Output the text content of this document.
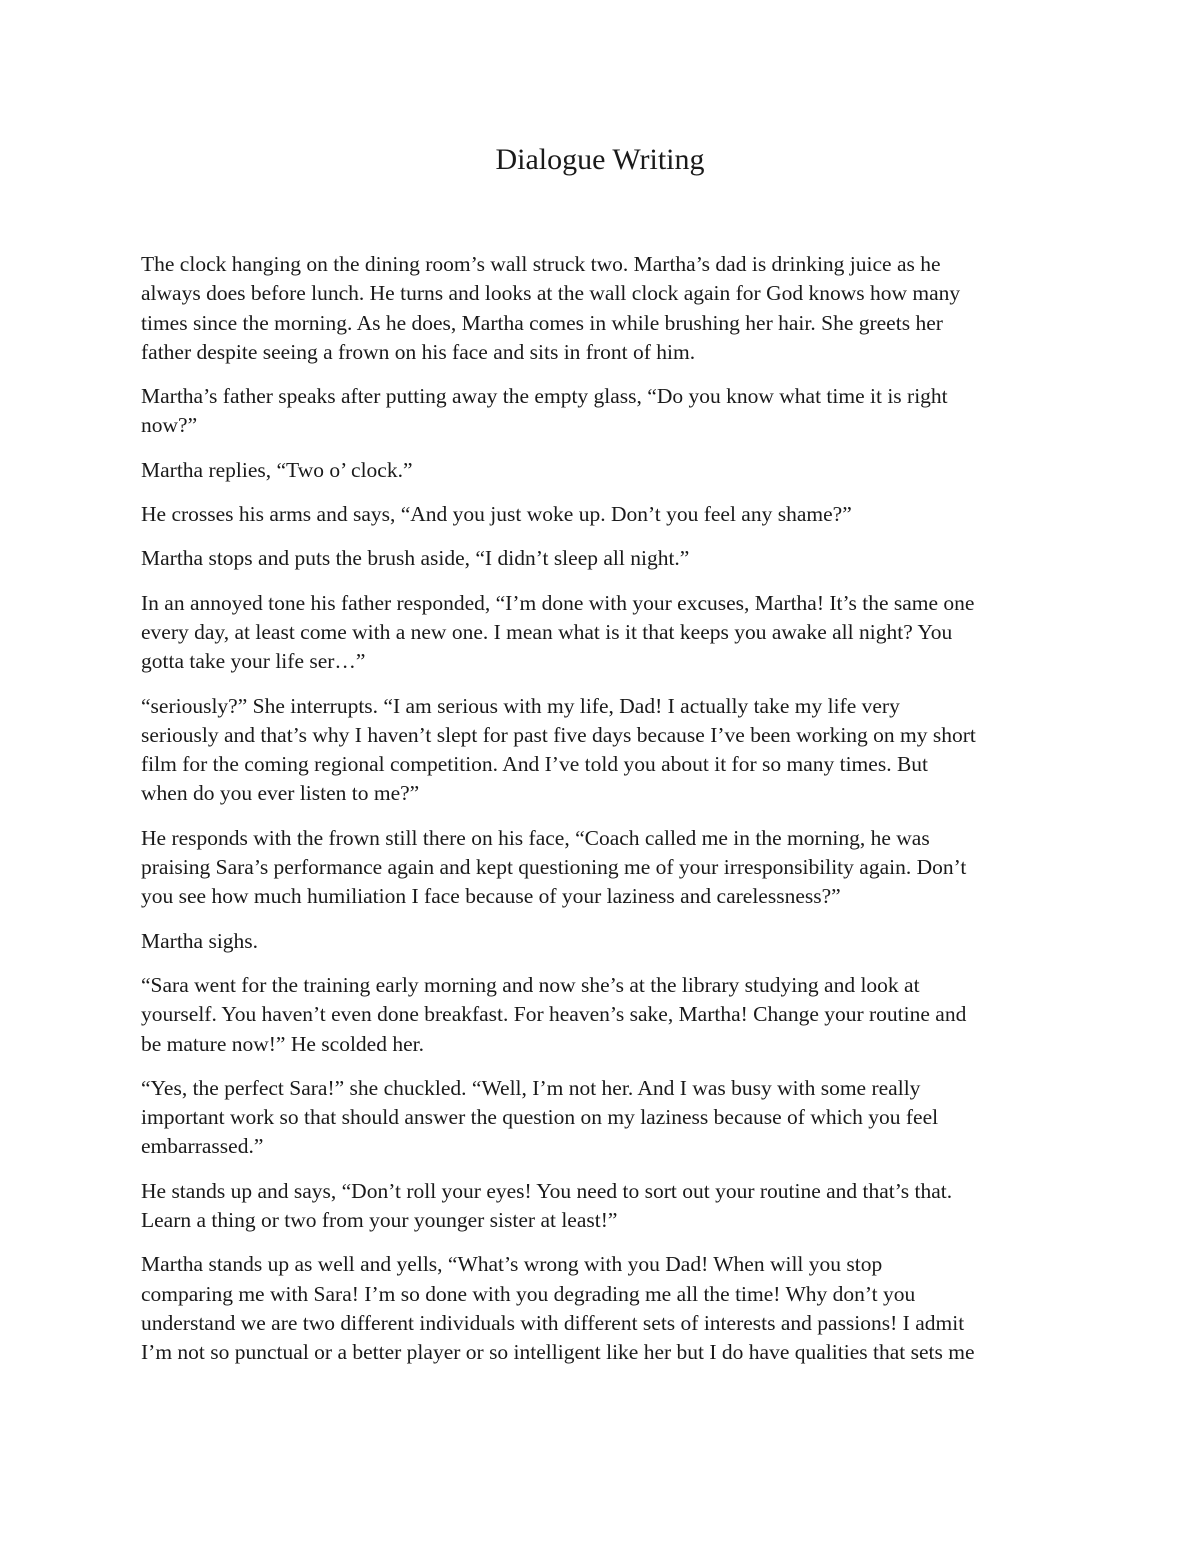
Dialogue Writing

The clock hanging on the dining room’s wall struck two. Martha’s dad is drinking juice as he
always does before lunch. He turns and looks at the wall clock again for God knows how many
times since the morning. As he does, Martha comes in while brushing her hair. She greets her
father despite seeing a frown on his face and sits in front of him.

Martha’s father speaks after putting away the empty glass, “Do you know what time it is right
now?”

Martha replies, “Two o’ clock.”

He crosses his arms and says, “And you just woke up. Don’t you feel any shame?”

Martha stops and puts the brush aside, “I didn’t sleep all night.”

In an annoyed tone his father responded, “I’m done with your excuses, Martha! It’s the same one
every day, at least come with a new one. I mean what is it that keeps you awake all night? You
gotta take your life ser…”

“seriously?” She interrupts. “I am serious with my life, Dad! I actually take my life very
seriously and that’s why I haven’t slept for past five days because I’ve been working on my short
film for the coming regional competition. And I’ve told you about it for so many times. But
when do you ever listen to me?”

He responds with the frown still there on his face, “Coach called me in the morning, he was
praising Sara’s performance again and kept questioning me of your irresponsibility again. Don’t
you see how much humiliation I face because of your laziness and carelessness?”

Martha sighs.

“Sara went for the training early morning and now she’s at the library studying and look at
yourself. You haven’t even done breakfast. For heaven’s sake, Martha! Change your routine and
be mature now!” He scolded her.

“Yes, the perfect Sara!” she chuckled. “Well, I’m not her. And I was busy with some really
important work so that should answer the question on my laziness because of which you feel
embarrassed.”

He stands up and says, “Don’t roll your eyes! You need to sort out your routine and that’s that.
Learn a thing or two from your younger sister at least!”

Martha stands up as well and yells, “What’s wrong with you Dad! When will you stop
comparing me with Sara! I’m so done with you degrading me all the time! Why don’t you
understand we are two different individuals with different sets of interests and passions! I admit
I’m not so punctual or a better player or so intelligent like her but I do have qualities that sets me
